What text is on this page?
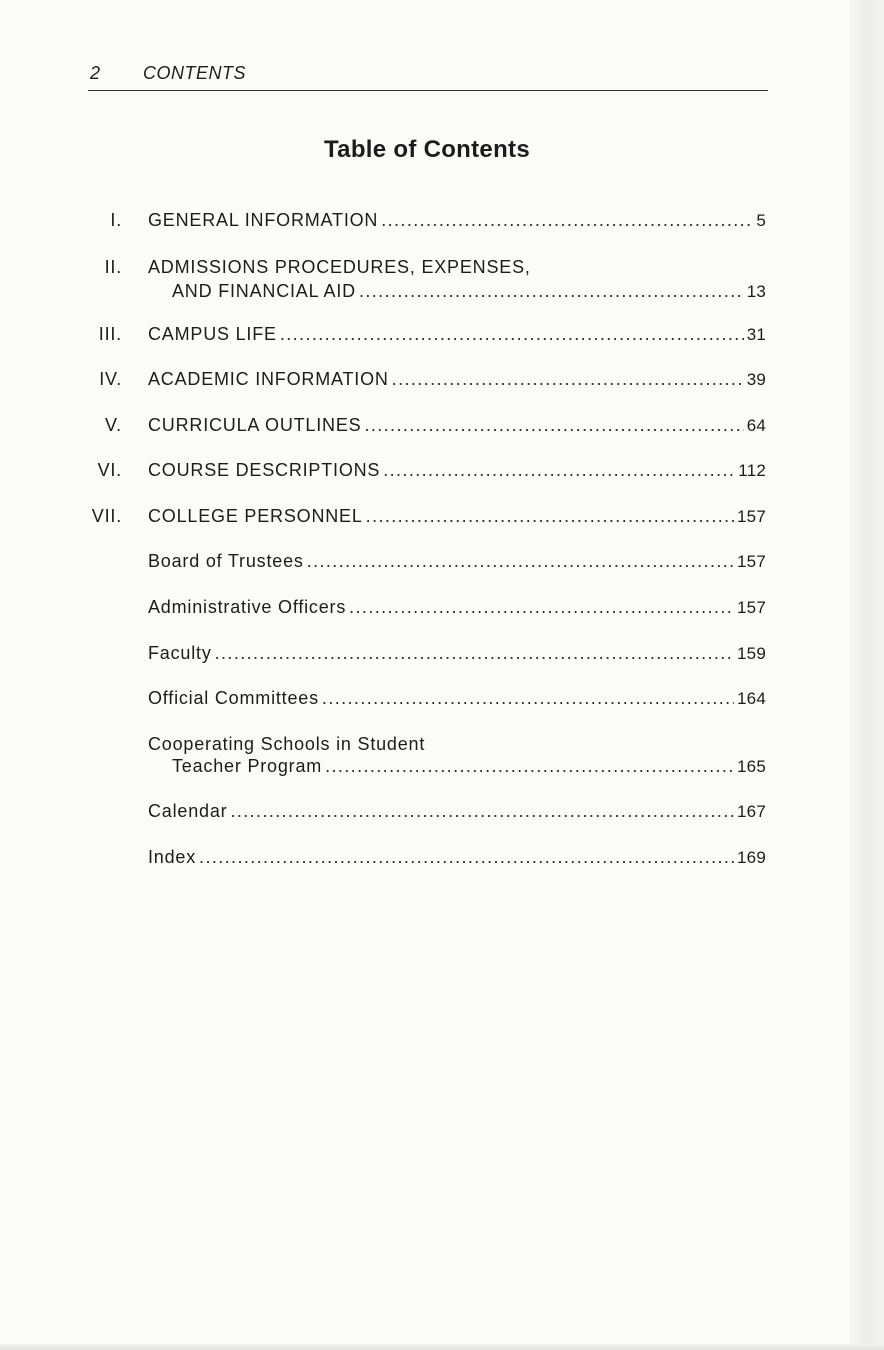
2 CONTENTS
Table of Contents
I. GENERAL INFORMATION .....	5
II. ADMISSIONS PROCEDURES, EXPENSES,
AND FINANCIAL AID .....	13
III. CAMPUS LIFE .....	31
IV. ACADEMIC INFORMATION .....	39
V. CURRICULA OUTLINES .....	64
VI. COURSE DESCRIPTIONS .....	112
VII. COLLEGE PERSONNEL .....	157
Board of Trustees .....	157
Administrative Officers .....	157
Faculty .....	159
Official Committees .....	164
Cooperating Schools in Student
Teacher Program .....	165
Calendar .....	167
Index .....	169
